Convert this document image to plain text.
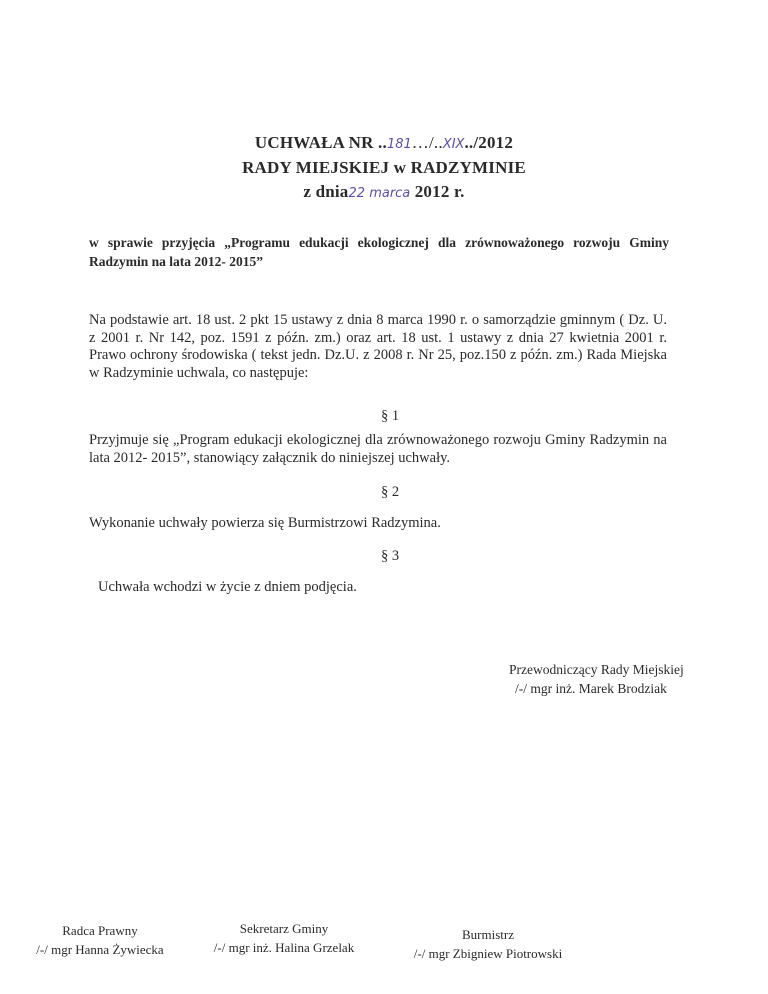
UCHWAŁA NR ..181…/..XIX../2012
RADY MIEJSKIEJ w RADZYMINIE
z dnia22 marca 2012 r.
w sprawie przyjęcia „Programu edukacji ekologicznej dla zrównoważonego rozwoju Gminy Radzymin na lata 2012- 2015”
Na podstawie art. 18 ust. 2 pkt 15 ustawy z dnia 8 marca 1990 r. o samorządzie gminnym ( Dz. U. z 2001 r. Nr 142, poz. 1591 z późn. zm.) oraz art. 18 ust. 1 ustawy z dnia 27 kwietnia 2001 r. Prawo ochrony środowiska ( tekst jedn. Dz.U. z 2008 r. Nr 25, poz.150 z późn. zm.) Rada Miejska w Radzyminie uchwala, co następuje:
§ 1
Przyjmuje się „Program edukacji ekologicznej dla zrównoważonego rozwoju Gminy Radzymin na lata 2012- 2015”, stanowiący załącznik do niniejszej uchwały.
§ 2
Wykonanie uchwały powierza się Burmistrzowi Radzymina.
§ 3
Uchwała wchodzi w życie z dniem podjęcia.
Przewodniczący Rady Miejskiej
/-/ mgr inż. Marek Brodziak
Radca Prawny
/-/ mgr Hanna Żywiecka
Sekretarz Gminy
/-/ mgr inż. Halina Grzelak
Burmistrz
/-/ mgr Zbigniew Piotrowski
